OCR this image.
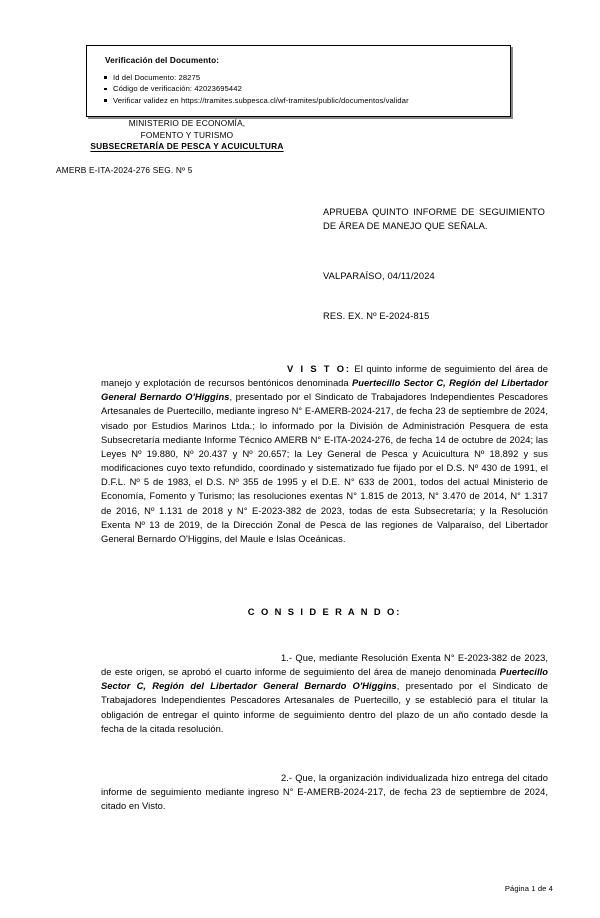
Verificación del Documento:
Id del Documento: 28275
Código de verificación: 42023695442
Verificar validez en https://tramites.subpesca.cl/wf-tramites/public/documentos/validar
MINISTERIO DE ECONOMÍA,
FOMENTO Y TURISMO
SUBSECRETARÍA DE PESCA Y ACUICULTURA
AMERB E-ITA-2024-276 SEG. Nº 5
APRUEBA QUINTO INFORME DE SEGUIMIENTO DE ÁREA DE MANEJO QUE SEÑALA.
VALPARAÍSO, 04/11/2024
RES. EX. Nº E-2024-815
V I S T O: El quinto informe de seguimiento del área de manejo y explotación de recursos bentónicos denominada Puertecillo Sector C, Región del Libertador General Bernardo O'Higgins, presentado por el Sindicato de Trabajadores Independientes Pescadores Artesanales de Puertecillo, mediante ingreso N° E-AMERB-2024-217, de fecha 23 de septiembre de 2024, visado por Estudios Marinos Ltda.; lo informado por la División de Administración Pesquera de esta Subsecretaría mediante Informe Técnico AMERB N° E-ITA-2024-276, de fecha 14 de octubre de 2024; las Leyes Nº 19.880, Nº 20.437 y Nº 20.657; la Ley General de Pesca y Acuicultura Nº 18.892 y sus modificaciones cuyo texto refundido, coordinado y sistematizado fue fijado por el D.S. Nº 430 de 1991, el D.F.L. Nº 5 de 1983, el D.S. Nº 355 de 1995 y el D.E. N° 633 de 2001, todos del actual Ministerio de Economía, Fomento y Turismo; las resoluciones exentas N° 1.815 de 2013, N° 3.470 de 2014, N° 1.317 de 2016, Nº 1.131 de 2018 y N° E-2023-382 de 2023, todas de esta Subsecretaría; y la Resolución Exenta Nº 13 de 2019, de la Dirección Zonal de Pesca de las regiones de Valparaíso, del Libertador General Bernardo O'Higgins, del Maule e Islas Oceánicas.
C O N S I D E R A N D O:
1.- Que, mediante Resolución Exenta N° E-2023-382 de 2023, de este origen, se aprobó el cuarto informe de seguimiento del área de manejo denominada Puertecillo Sector C, Región del Libertador General Bernardo O'Higgins, presentado por el Sindicato de Trabajadores Independientes Pescadores Artesanales de Puertecillo, y se estableció para el titular la obligación de entregar el quinto informe de seguimiento dentro del plazo de un año contado desde la fecha de la citada resolución.
2.- Que, la organización individualizada hizo entrega del citado informe de seguimiento mediante ingreso N° E-AMERB-2024-217, de fecha 23 de septiembre de 2024, citado en Visto.
Página 1 de 4
